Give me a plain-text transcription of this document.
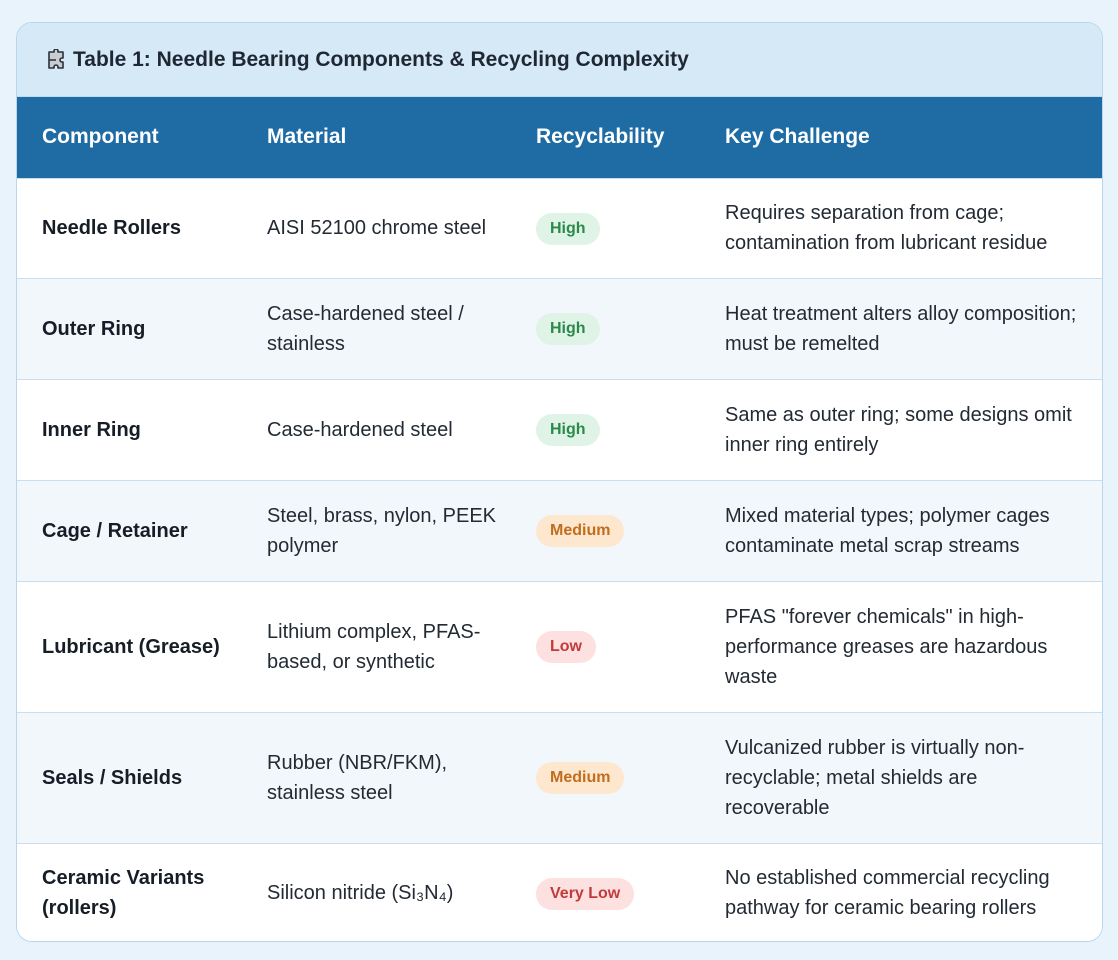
Table 1: Needle Bearing Components & Recycling Complexity
Component	Material	Recyclability	Key Challenge
Needle Rollers	AISI 52100 chrome steel	High	Requires separation from cage; contamination from lubricant residue
Outer Ring	Case-hardened steel / stainless	High	Heat treatment alters alloy composition; must be remelted
Inner Ring	Case-hardened steel	High	Same as outer ring; some designs omit inner ring entirely
Cage / Retainer	Steel, brass, nylon, PEEK polymer	Medium	Mixed material types; polymer cages contaminate metal scrap streams
Lubricant (Grease)	Lithium complex, PFAS-based, or synthetic	Low	PFAS "forever chemicals" in high-performance greases are hazardous waste
Seals / Shields	Rubber (NBR/FKM), stainless steel	Medium	Vulcanized rubber is virtually non-recyclable; metal shields are recoverable
Ceramic Variants (rollers)	Silicon nitride (Si₃N₄)	Very Low	No established commercial recycling pathway for ceramic bearing rollers
